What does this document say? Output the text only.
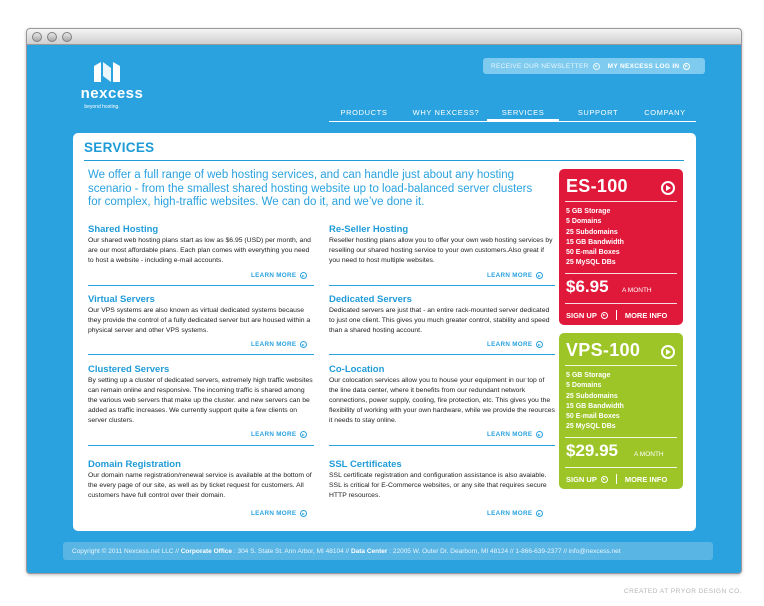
nexcess
beyond hosting.
RECEIVE OUR NEWSLETTER	MY NEXCESS LOG IN
PRODUCTS	WHY NEXCESS?	SERVICES	SUPPORT	COMPANY
SERVICES
We offer a full range of web hosting services, and can handle just about any hosting scenario - from the smallest shared hosting website up to load-balanced server clusters for complex, high-traffic websites. We can do it, and we’ve done it.
Shared Hosting
Our shared web hosting plans start as low as $6.95 (USD) per month, and are our most affordable plans. Each plan comes with everything you need to host a website - including e-mail accounts.
LEARN MORE
Re-Seller Hosting
Reseller hosting plans allow you to offer your own web hosting services by reselling our shared hosting service to your own customers.Also great if you need to host multiple websites.
LEARN MORE
Virtual Servers
Our VPS systems are also known as virtual dedicated systems because they provide the control of a fully dedicated server but are housed within a physical server and other VPS systems.
LEARN MORE
Dedicated Servers
Dedicated servers are just that - an entire rack-mounted server dedicated to just one client. This gives you much greater control, stability and speed than a shared hosting account.
LEARN MORE
Clustered Servers
By setting up a cluster of dedicated servers, extremely high traffic websites can remain online and responsive. The incoming traffic is shared among the various web servers that make up the cluster. and new servers can be added as traffic increases. We currently support quite a few clients on server clusters.
LEARN MORE
Co-Location
Our colocation services allow you to house your equipment in our top of the line data center, where it benefits from our redundant network connections, power supply, cooling, fire protection, etc. This gives you the flexibility of working with your own hardware, while we provide the reources it needs to stay online.
LEARN MORE
Domain Registration
Our domain name registration/renewal service is available at the bottom of the every page of our site, as well as by ticket request for customers. All customers have full control over their domain.
LEARN MORE
SSL Certificates
SSL certificate registration and configuration assistance is also avaiable. SSL is critical for E-Commerce websites, or any site that requires secure HTTP resources.
LEARN MORE
ES-100
5 GB Storage
5 Domains
25 Subdomains
15 GB Bandwidth
50 E-mail Boxes
25 MySQL DBs
$6.95 A MONTH
SIGN UP	MORE INFO
VPS-100
5 GB Storage
5 Domains
25 Subdomains
15 GB Bandwidth
50 E-mail Boxes
25 MySQL DBs
$29.95 A MONTH
SIGN UP	MORE INFO
Copyright © 2011 Nexcess.net LLC //
Corporate Office
: 304 S. State St. Ann Arbor, MI 48104 //
Data Center
: 22005 W. Outer Dr. Dearborn, MI 48124 // 1-866-639-2377 // info@nexcess.net
CREATED AT PRYOR DESIGN CO.
